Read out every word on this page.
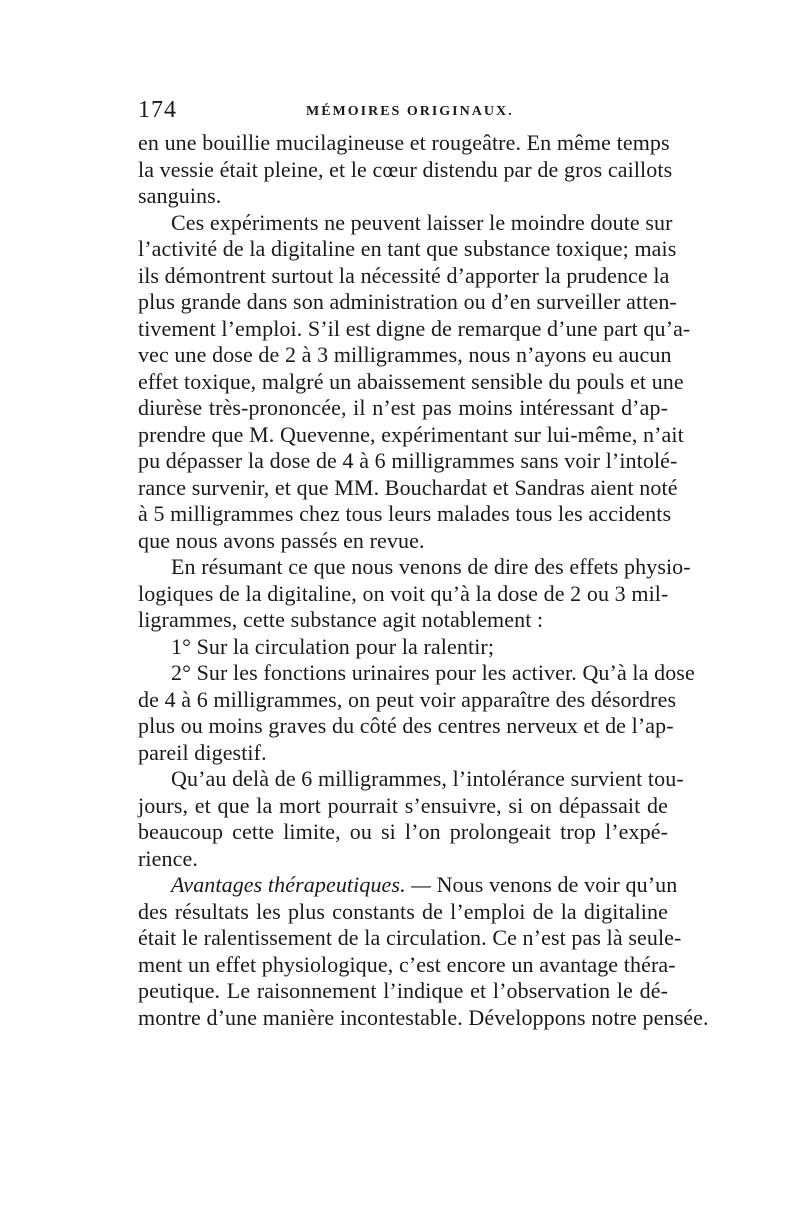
174	MÉMOIRES ORIGINAUX.
en une bouillie mucilagineuse et rougeâtre. En même temps
la vessie était pleine, et le cœur distendu par de gros caillots
sanguins.
Ces expériments ne peuvent laisser le moindre doute sur
l’activité de la digitaline en tant que substance toxique; mais
ils démontrent surtout la nécessité d’apporter la prudence la
plus grande dans son administration ou d’en surveiller atten-
tivement l’emploi. S’il est digne de remarque d’une part qu’a-
vec une dose de 2 à 3 milligrammes, nous n’ayons eu aucun
effet toxique, malgré un abaissement sensible du pouls et une
diurèse très-prononcée, il n’est pas moins intéressant d’ap-
prendre que M. Quevenne, expérimentant sur lui-même, n’ait
pu dépasser la dose de 4 à 6 milligrammes sans voir l’intolé-
rance survenir, et que MM. Bouchardat et Sandras aient noté
à 5 milligrammes chez tous leurs malades tous les accidents
que nous avons passés en revue.
En résumant ce que nous venons de dire des effets physio-
logiques de la digitaline, on voit qu’à la dose de 2 ou 3 mil-
ligrammes, cette substance agit notablement :
1° Sur la circulation pour la ralentir;
2° Sur les fonctions urinaires pour les activer. Qu’à la dose
de 4 à 6 milligrammes, on peut voir apparaître des désordres
plus ou moins graves du côté des centres nerveux et de l’ap-
pareil digestif.
Qu’au delà de 6 milligrammes, l’intolérance survient tou-
jours, et que la mort pourrait s’ensuivre, si on dépassait de
beaucoup cette limite, ou si l’on prolongeait trop l’expé-
rience.
Avantages thérapeutiques. — Nous venons de voir qu’un
des résultats les plus constants de l’emploi de la digitaline
était le ralentissement de la circulation. Ce n’est pas là seule-
ment un effet physiologique, c’est encore un avantage théra-
peutique. Le raisonnement l’indique et l’observation le dé-
montre d’une manière incontestable. Développons notre pensée.
